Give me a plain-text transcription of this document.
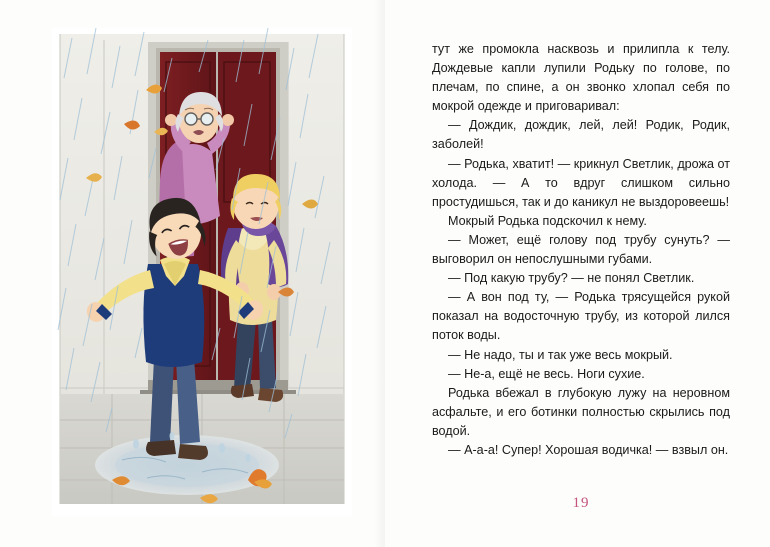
тут же промокла насквозь и прилипла к телу. Дождевые капли лупили Родьку по голове, по плечам, по спине, а он звонко хлопал себя по мокрой одежде и приговаривал:

— Дождик, дождик, лей, лей! Родик, Родик, заболей!

— Родька, хватит! — крикнул Светлик, дрожа от холода. — А то вдруг слишком сильно простудишься, так и до каникул не выздоровеешь!

Мокрый Родька подскочил к нему.

— Может, ещё голову под трубу сунуть? — выговорил он непослушными губами.

— Под какую трубу? — не понял Светлик.

— А вон под ту, — Родька трясущейся рукой показал на водосточную трубу, из которой лился поток воды.

— Не надо, ты и так уже весь мокрый.

— Не-а, ещё не весь. Ноги сухие.

Родька вбежал в глубокую лужу на неровном асфальте, и его ботинки полностью скрылись под водой.

— А-а-а! Супер! Хорошая водичка! — взвыл он.

19
